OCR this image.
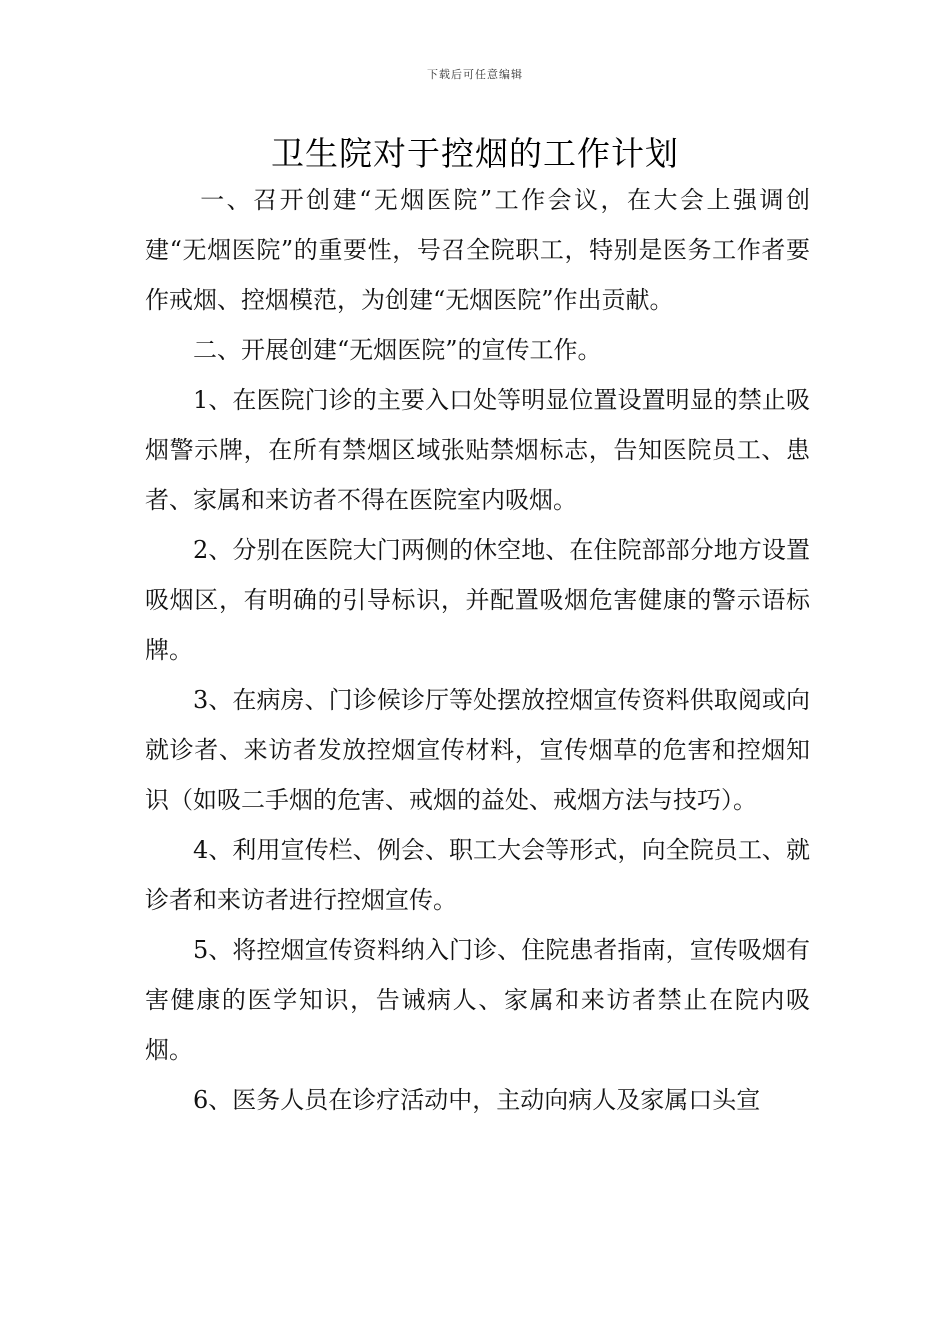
下载后可任意编辑
卫生院对于控烟的工作计划

一、召开创建“无烟医院”工作会议，在大会上强调创建“无烟医院”的重要性，号召全院职工，特别是医务工作者要作戒烟、控烟模范，为创建“无烟医院”作出贡献。

二、开展创建“无烟医院”的宣传工作。

1、在医院门诊的主要入口处等明显位置设置明显的禁止吸烟警示牌，在所有禁烟区域张贴禁烟标志，告知医院员工、患者、家属和来访者不得在医院室内吸烟。

2、分别在医院大门两侧的休空地、在住院部部分地方设置吸烟区，有明确的引导标识，并配置吸烟危害健康的警示语标牌。

3、在病房、门诊候诊厅等处摆放控烟宣传资料供取阅或向就诊者、来访者发放控烟宣传材料，宣传烟草的危害和控烟知识（如吸二手烟的危害、戒烟的益处、戒烟方法与技巧）。

4、利用宣传栏、例会、职工大会等形式，向全院员工、就诊者和来访者进行控烟宣传。

5、将控烟宣传资料纳入门诊、住院患者指南，宣传吸烟有害健康的医学知识，告诫病人、家属和来访者禁止在院内吸烟。

6、医务人员在诊疗活动中，主动向病人及家属口头宣
